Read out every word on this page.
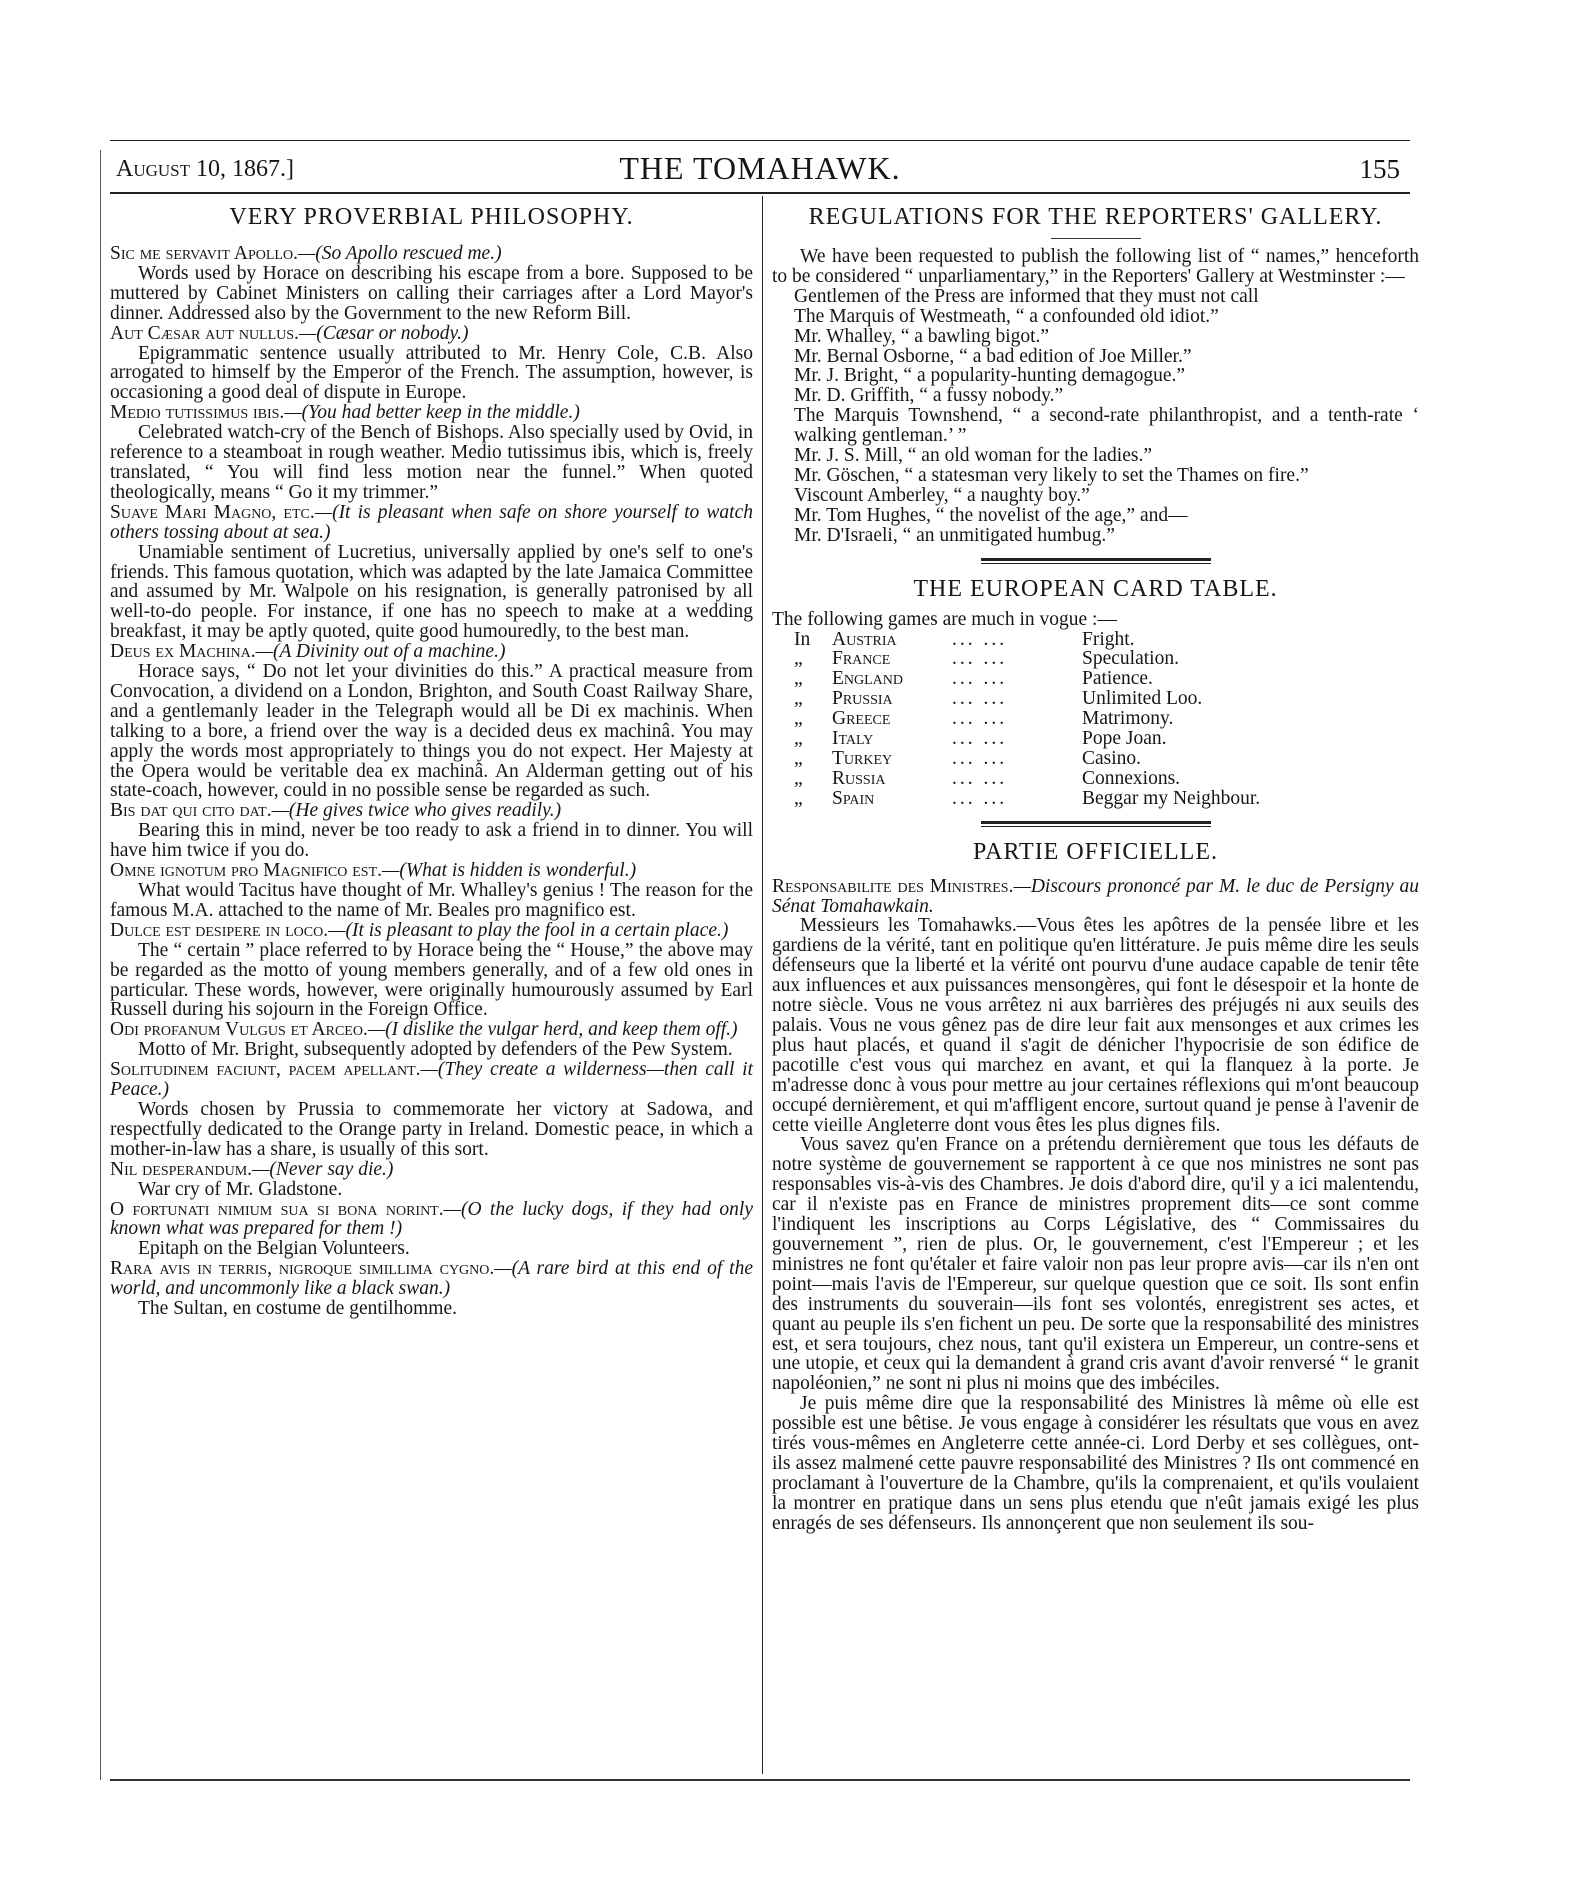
August 10, 1867.]	THE TOMAHAWK.	155
VERY PROVERBIAL PHILOSOPHY.

Sic me servavit Apollo.—(So Apollo rescued me.)

Words used by Horace on describing his escape from a bore. Supposed to be muttered by Cabinet Ministers on calling their carriages after a Lord Mayor's dinner. Addressed also by the Government to the new Reform Bill.

Aut Cæsar aut nullus.—(Cæsar or nobody.)

Epigrammatic sentence usually attributed to Mr. Henry Cole, C.B. Also arrogated to himself by the Emperor of the French. The assumption, however, is occasioning a good deal of dispute in Europe.

Medio tutissimus ibis.—(You had better keep in the middle.)

Celebrated watch-cry of the Bench of Bishops. Also specially used by Ovid, in reference to a steamboat in rough weather. Medio tutissimus ibis, which is, freely translated, “ You will find less motion near the funnel.” When quoted theologically, means “ Go it my trimmer.”

Suave Mari Magno, etc.—(It is pleasant when safe on shore yourself to watch others tossing about at sea.)

Unamiable sentiment of Lucretius, universally applied by one's self to one's friends. This famous quotation, which was adapted by the late Jamaica Committee and assumed by Mr. Walpole on his resignation, is generally patronised by all well-to-do people. For instance, if one has no speech to make at a wedding breakfast, it may be aptly quoted, quite good humouredly, to the best man.

Deus ex Machina.—(A Divinity out of a machine.)

Horace says, “ Do not let your divinities do this.” A practical measure from Convocation, a dividend on a London, Brighton, and South Coast Railway Share, and a gentlemanly leader in the Telegraph would all be Di ex machinis. When talking to a bore, a friend over the way is a decided deus ex machinâ. You may apply the words most appropriately to things you do not expect. Her Majesty at the Opera would be veritable dea ex machinâ. An Alderman getting out of his state-coach, however, could in no possible sense be regarded as such.

Bis dat qui cito dat.—(He gives twice who gives readily.)

Bearing this in mind, never be too ready to ask a friend in to dinner. You will have him twice if you do.

Omne ignotum pro Magnifico est.—(What is hidden is wonderful.)

What would Tacitus have thought of Mr. Whalley's genius ! The reason for the famous M.A. attached to the name of Mr. Beales pro magnifico est.

Dulce est desipere in loco.—(It is pleasant to play the fool in a certain place.)

The “ certain ” place referred to by Horace being the “ House,” the above may be regarded as the motto of young members generally, and of a few old ones in particular. These words, however, were originally humourously assumed by Earl Russell during his sojourn in the Foreign Office.

Odi profanum Vulgus et Arceo.—(I dislike the vulgar herd, and keep them off.)

Motto of Mr. Bright, subsequently adopted by defenders of the Pew System.

Solitudinem faciunt, pacem apellant.—(They create a wilderness—then call it Peace.)

Words chosen by Prussia to commemorate her victory at Sadowa, and respectfully dedicated to the Orange party in Ireland. Domestic peace, in which a mother-in-law has a share, is usually of this sort.

Nil desperandum.—(Never say die.)

War cry of Mr. Gladstone.

O fortunati nimium sua si bona norint.—(O the lucky dogs, if they had only known what was prepared for them !)

Epitaph on the Belgian Volunteers.

Rara avis in terris, nigroque simillima cygno.—(A rare bird at this end of the world, and uncommonly like a black swan.)

The Sultan, en costume de gentilhomme.

REGULATIONS FOR THE REPORTERS' GALLERY.

We have been requested to publish the following list of “ names,” henceforth to be considered “ unparliamentary,” in the Reporters' Gallery at Westminster :—

Gentlemen of the Press are informed that they must not call

The Marquis of Westmeath, “ a confounded old idiot.”

Mr. Whalley, “ a bawling bigot.”

Mr. Bernal Osborne, “ a bad edition of Joe Miller.”

Mr. J. Bright, “ a popularity-hunting demagogue.”

Mr. D. Griffith, “ a fussy nobody.”

The Marquis Townshend, “ a second-rate philanthropist, and a tenth-rate ‘ walking gentleman.’ ”

Mr. J. S. Mill, “ an old woman for the ladies.”

Mr. Göschen, “ a statesman very likely to set the Thames on fire.”

Viscount Amberley, “ a naughty boy.”

Mr. Tom Hughes, “ the novelist of the age,” and—

Mr. D'Israeli, “ an unmitigated humbug.”

THE EUROPEAN CARD TABLE.

The following games are much in vogue :—

In	Austria	... ...	Fright.
„	France	... ...	Speculation.
„	England	... ...	Patience.
„	Prussia	... ...	Unlimited Loo.
„	Greece	... ...	Matrimony.
„	Italy	... ...	Pope Joan.
„	Turkey	... ...	Casino.
„	Russia	... ...	Connexions.
„	Spain	... ...	Beggar my Neighbour.
PARTIE OFFICIELLE.

Responsabilite des Ministres.—Discours prononcé par M. le duc de Persigny au Sénat Tomahawkain.

Messieurs les Tomahawks.—Vous êtes les apôtres de la pensée libre et les gardiens de la vérité, tant en politique qu'en littérature. Je puis même dire les seuls défenseurs que la liberté et la vérité ont pourvu d'une audace capable de tenir tête aux influences et aux puissances mensongères, qui font le désespoir et la honte de notre siècle. Vous ne vous arrêtez ni aux barrières des préjugés ni aux seuils des palais. Vous ne vous gênez pas de dire leur fait aux mensonges et aux crimes les plus haut placés, et quand il s'agit de dénicher l'hypocrisie de son édifice de pacotille c'est vous qui marchez en avant, et qui la flanquez à la porte. Je m'adresse donc à vous pour mettre au jour certaines réflexions qui m'ont beaucoup occupé dernièrement, et qui m'affligent encore, surtout quand je pense à l'avenir de cette vieille Angleterre dont vous êtes les plus dignes fils.

Vous savez qu'en France on a prétendu dernièrement que tous les défauts de notre système de gouvernement se rapportent à ce que nos ministres ne sont pas responsables vis-à-vis des Chambres. Je dois d'abord dire, qu'il y a ici malentendu, car il n'existe pas en France de ministres proprement dits—ce sont comme l'indiquent les inscriptions au Corps Législative, des “ Commissaires du gouvernement ”, rien de plus. Or, le gouvernement, c'est l'Empereur ; et les ministres ne font qu'étaler et faire valoir non pas leur propre avis—car ils n'en ont point—mais l'avis de l'Empereur, sur quelque question que ce soit. Ils sont enfin des instruments du souverain—ils font ses volontés, enregistrent ses actes, et quant au peuple ils s'en fichent un peu. De sorte que la responsabilité des ministres est, et sera toujours, chez nous, tant qu'il existera un Empereur, un contre-sens et une utopie, et ceux qui la demandent à grand cris avant d'avoir renversé “ le granit napoléonien,” ne sont ni plus ni moins que des imbéciles.

Je puis même dire que la responsabilité des Ministres là même où elle est possible est une bêtise. Je vous engage à considérer les résultats que vous en avez tirés vous-mêmes en Angleterre cette année-ci. Lord Derby et ses collègues, ont-ils assez malmené cette pauvre responsabilité des Ministres ? Ils ont commencé en proclamant à l'ouverture de la Chambre, qu'ils la comprenaient, et qu'ils voulaient la montrer en pratique dans un sens plus etendu que n'eût jamais exigé les plus enragés de ses défenseurs. Ils annonçerent que non seulement ils sou-
